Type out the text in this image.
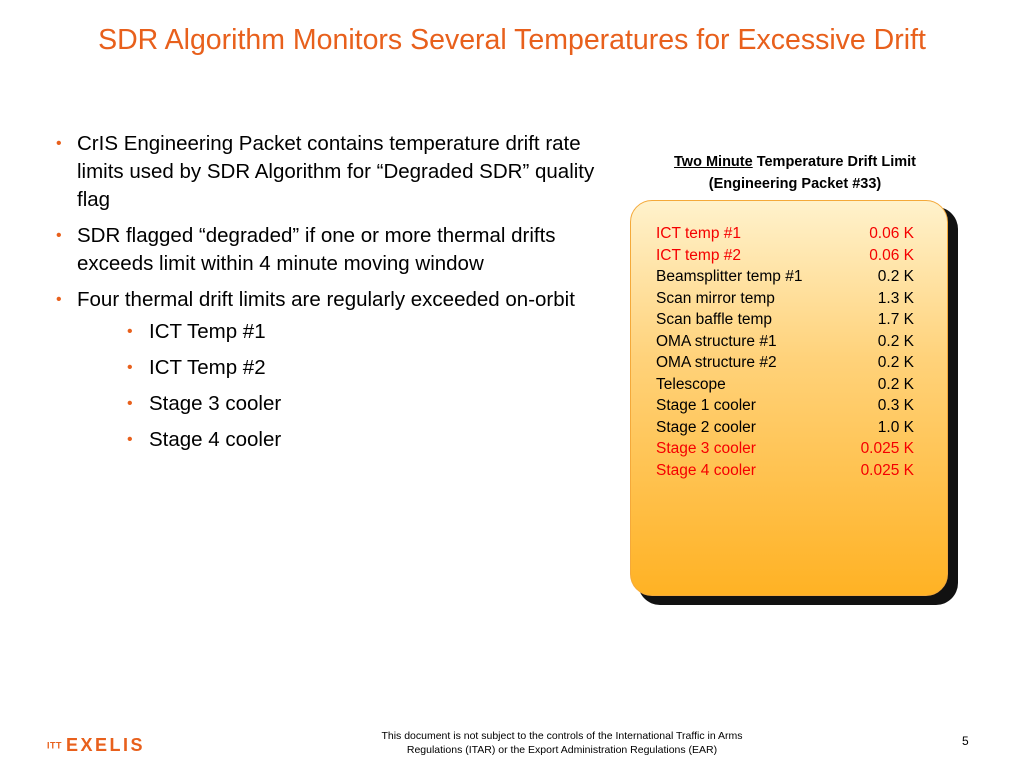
SDR Algorithm Monitors Several Temperatures for Excessive Drift
• CrIS Engineering Packet contains temperature drift rate limits used by SDR Algorithm for “Degraded SDR” quality flag
• SDR flagged “degraded” if one or more thermal drifts exceeds limit within 4 minute moving window
• Four thermal drift limits are regularly exceeded on-orbit
• ICT Temp #1
• ICT Temp #2
• Stage 3 cooler
• Stage 4 cooler
Two Minute Temperature Drift Limit
(Engineering Packet #33)
ICT temp #1	0.06 K
ICT temp #2	0.06 K
Beamsplitter temp #1	0.2 K
Scan mirror temp	1.3 K
Scan baffle temp	1.7 K
OMA structure #1	0.2 K
OMA structure #2	0.2 K
Telescope	0.2 K
Stage 1 cooler	0.3 K
Stage 2 cooler	1.0 K
Stage 3 cooler	0.025 K
Stage 4 cooler	0.025 K
ITT EXELIS	This document is not subject to the controls of the International Traffic in Arms
Regulations (ITAR) or the Export Administration Regulations (EAR)
5
